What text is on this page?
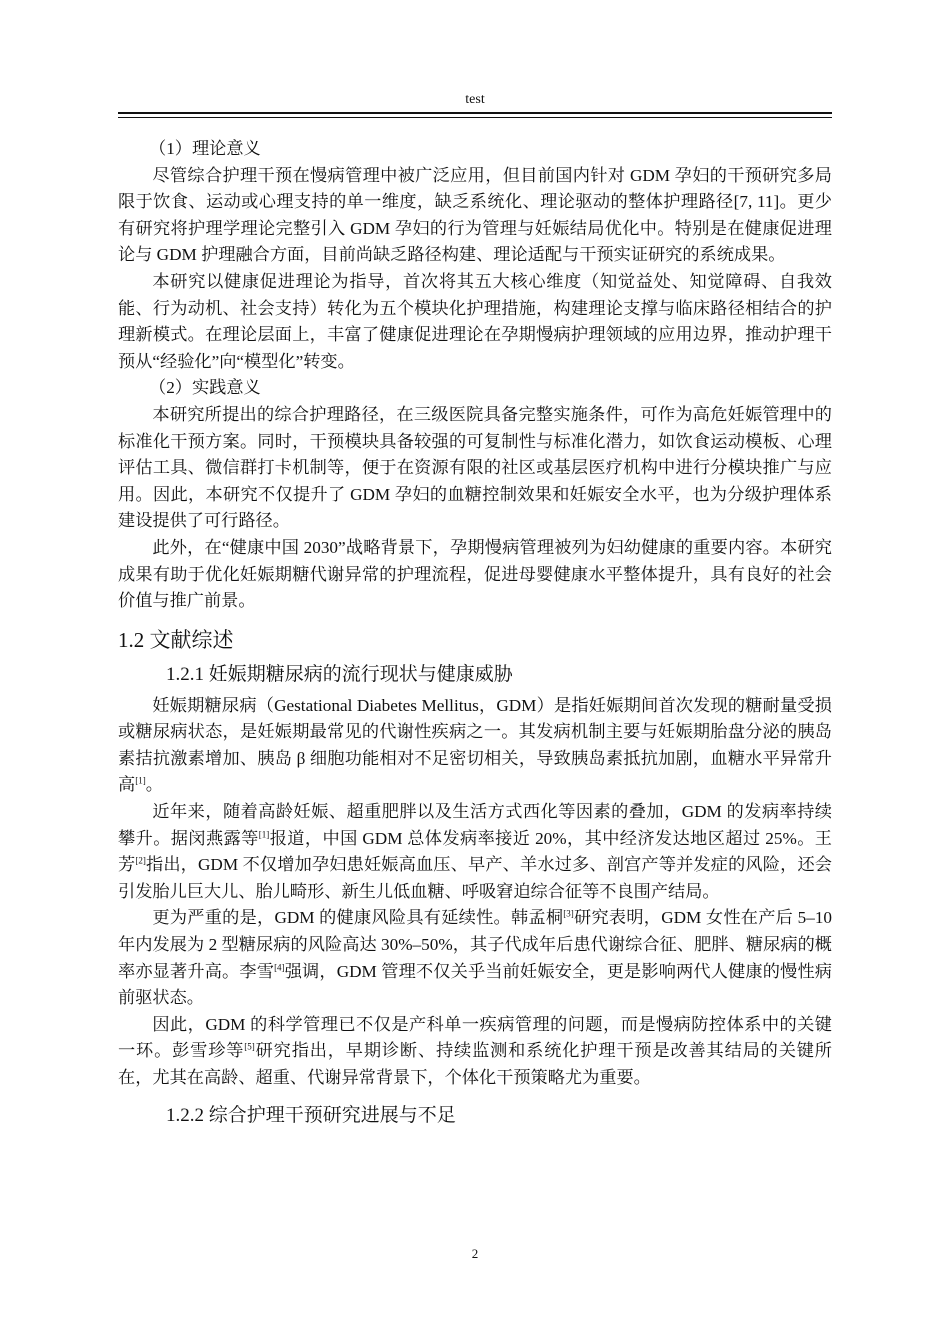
test

（1）理论意义

尽管综合护理干预在慢病管理中被广泛应用，但目前国内针对 GDM 孕妇的干预研究多局限于饮食、运动或心理支持的单一维度，缺乏系统化、理论驱动的整体护理路径[7, 11]。更少有研究将护理学理论完整引入 GDM 孕妇的行为管理与妊娠结局优化中。特别是在健康促进理论与 GDM 护理融合方面，目前尚缺乏路径构建、理论适配与干预实证研究的系统成果。

本研究以健康促进理论为指导，首次将其五大核心维度（知觉益处、知觉障碍、自我效能、行为动机、社会支持）转化为五个模块化护理措施，构建理论支撑与临床路径相结合的护理新模式。在理论层面上，丰富了健康促进理论在孕期慢病护理领域的应用边界，推动护理干预从“经验化”向“模型化”转变。

（2）实践意义

本研究所提出的综合护理路径，在三级医院具备完整实施条件，可作为高危妊娠管理中的标准化干预方案。同时，干预模块具备较强的可复制性与标准化潜力，如饮食运动模板、心理评估工具、微信群打卡机制等，便于在资源有限的社区或基层医疗机构中进行分模块推广与应用。因此，本研究不仅提升了 GDM 孕妇的血糖控制效果和妊娠安全水平，也为分级护理体系建设提供了可行路径。

此外，在“健康中国 2030”战略背景下，孕期慢病管理被列为妇幼健康的重要内容。本研究成果有助于优化妊娠期糖代谢异常的护理流程，促进母婴健康水平整体提升，具有良好的社会价值与推广前景。

1.2 文献综述
1.2.1 妊娠期糖尿病的流行现状与健康威胁

妊娠期糖尿病（Gestational Diabetes Mellitus，GDM）是指妊娠期间首次发现的糖耐量受损或糖尿病状态，是妊娠期最常见的代谢性疾病之一。其发病机制主要与妊娠期胎盘分泌的胰岛素拮抗激素增加、胰岛 β 细胞功能相对不足密切相关，导致胰岛素抵抗加剧，血糖水平异常升高[1]。

近年来，随着高龄妊娠、超重肥胖以及生活方式西化等因素的叠加，GDM 的发病率持续攀升。据闵燕露等[1]报道，中国 GDM 总体发病率接近 20%，其中经济发达地区超过 25%。王芳[2]指出，GDM 不仅增加孕妇患妊娠高血压、早产、羊水过多、剖宫产等并发症的风险，还会引发胎儿巨大儿、胎儿畸形、新生儿低血糖、呼吸窘迫综合征等不良围产结局。

更为严重的是，GDM 的健康风险具有延续性。韩孟桐[3]研究表明，GDM 女性在产后 5–10 年内发展为 2 型糖尿病的风险高达 30%–50%，其子代成年后患代谢综合征、肥胖、糖尿病的概率亦显著升高。李雪[4]强调，GDM 管理不仅关乎当前妊娠安全，更是影响两代人健康的慢性病前驱状态。

因此，GDM 的科学管理已不仅是产科单一疾病管理的问题，而是慢病防控体系中的关键一环。彭雪珍等[5]研究指出，早期诊断、持续监测和系统化护理干预是改善其结局的关键所在，尤其在高龄、超重、代谢异常背景下，个体化干预策略尤为重要。

1.2.2 综合护理干预研究进展与不足
2
